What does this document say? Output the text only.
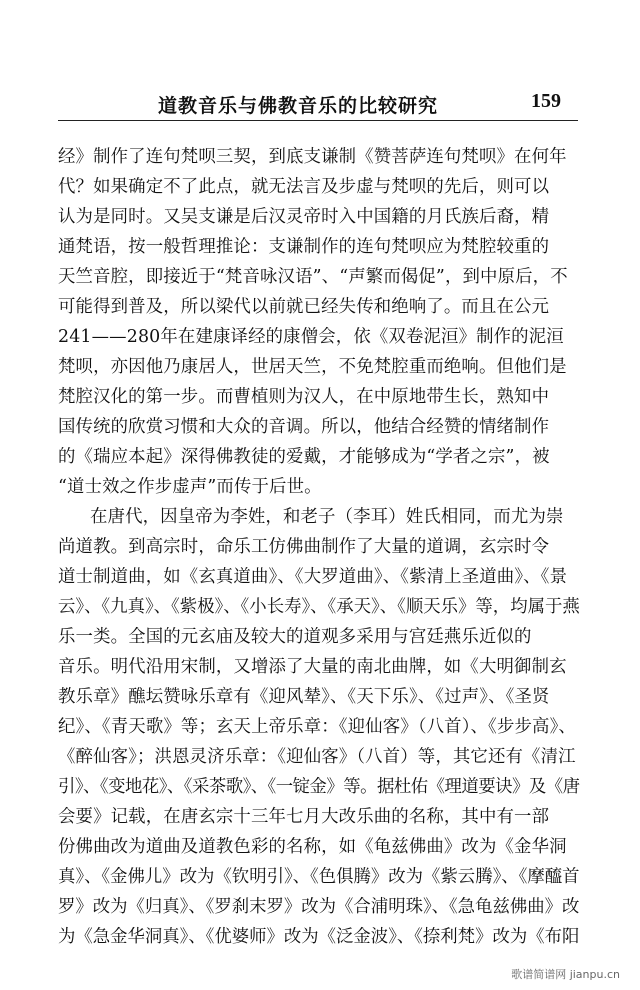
道教音乐与佛教音乐的比较研究	159
经》制作了连句梵呗三契，到底支谦制《赞菩萨连句梵呗》在何年
代？如果确定不了此点，就无法言及步虚与梵呗的先后，则可以
认为是同时。又吴支谦是后汉灵帝时入中国籍的月氏族后裔，精
通梵语，按一般哲理推论：支谦制作的连句梵呗应为梵腔较重的
天竺音腔，即接近于“梵音咏汉语”、“声繁而偈促”，到中原后，不
可能得到普及，所以梁代以前就已经失传和绝响了。而且在公元
241——280年在建康译经的康僧会，依《双卷泥洹》制作的泥洹
梵呗，亦因他乃康居人，世居天竺，不免梵腔重而绝响。但他们是
梵腔汉化的第一步。而曹植则为汉人，在中原地带生长，熟知中
国传统的欣赏习惯和大众的音调。所以，他结合经赞的情绪制作
的《瑞应本起》深得佛教徒的爱戴，才能够成为“学者之宗”，被
“道士效之作步虚声”而传于后世。
在唐代，因皇帝为李姓，和老子（李耳）姓氏相同，而尤为崇
尚道教。到高宗时，命乐工仿佛曲制作了大量的道调，玄宗时令
道士制道曲，如《玄真道曲》、《大罗道曲》、《紫清上圣道曲》、《景
云》、《九真》、《紫极》、《小长寿》、《承天》、《顺天乐》等，均属于燕
乐一类。全国的元玄庙及较大的道观多采用与宫廷燕乐近似的
音乐。明代沿用宋制，又增添了大量的南北曲牌，如《大明御制玄
教乐章》醮坛赞咏乐章有《迎风辇》、《天下乐》、《过声》、《圣贤
纪》、《青天歌》等；玄天上帝乐章：《迎仙客》（八首）、《步步高》、
《醉仙客》；洪恩灵济乐章：《迎仙客》（八首）等，其它还有《清江
引》、《变地花》、《采茶歌》、《一锭金》等。据杜佑《理道要诀》及《唐
会要》记载，在唐玄宗十三年七月大改乐曲的名称，其中有一部
份佛曲改为道曲及道教色彩的名称，如《龟兹佛曲》改为《金华洞
真》、《金佛儿》改为《钦明引》、《色俱腾》改为《紫云腾》、《摩醯首
罗》改为《归真》、《罗刹末罗》改为《合浦明珠》、《急龟兹佛曲》改
为《急金华洞真》、《优婆师》改为《泛金波》、《捺利梵》改为《布阳
歌谱简谱网 jianpu.cn
